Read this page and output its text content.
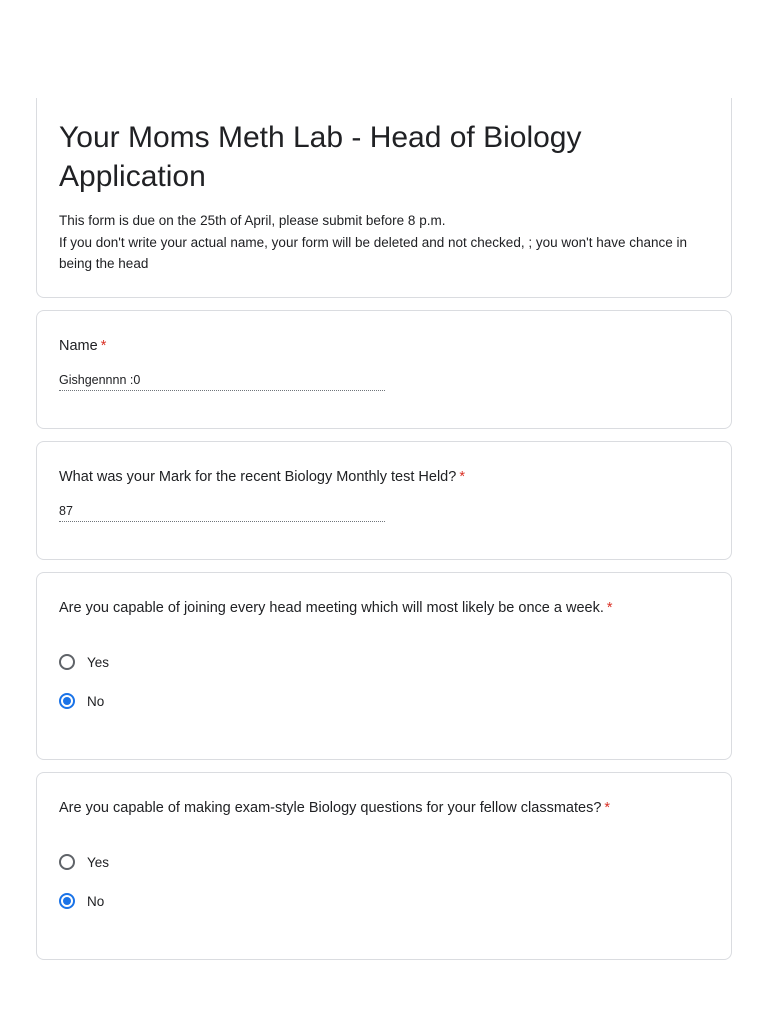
Your Moms Meth Lab - Head of Biology Application
This form is due on the 25th of April, please submit before 8 p.m.
If you don't write your actual name, your form will be deleted and not checked, ; you won't have chance in being the head

Name *

Gishgennnn :0

What was your Mark for the recent Biology Monthly test Held? *

87

Are you capable of joining every head meeting which will most likely be once a week. *

Yes
No

Are you capable of making exam-style Biology questions for your fellow classmates? *

Yes
No
